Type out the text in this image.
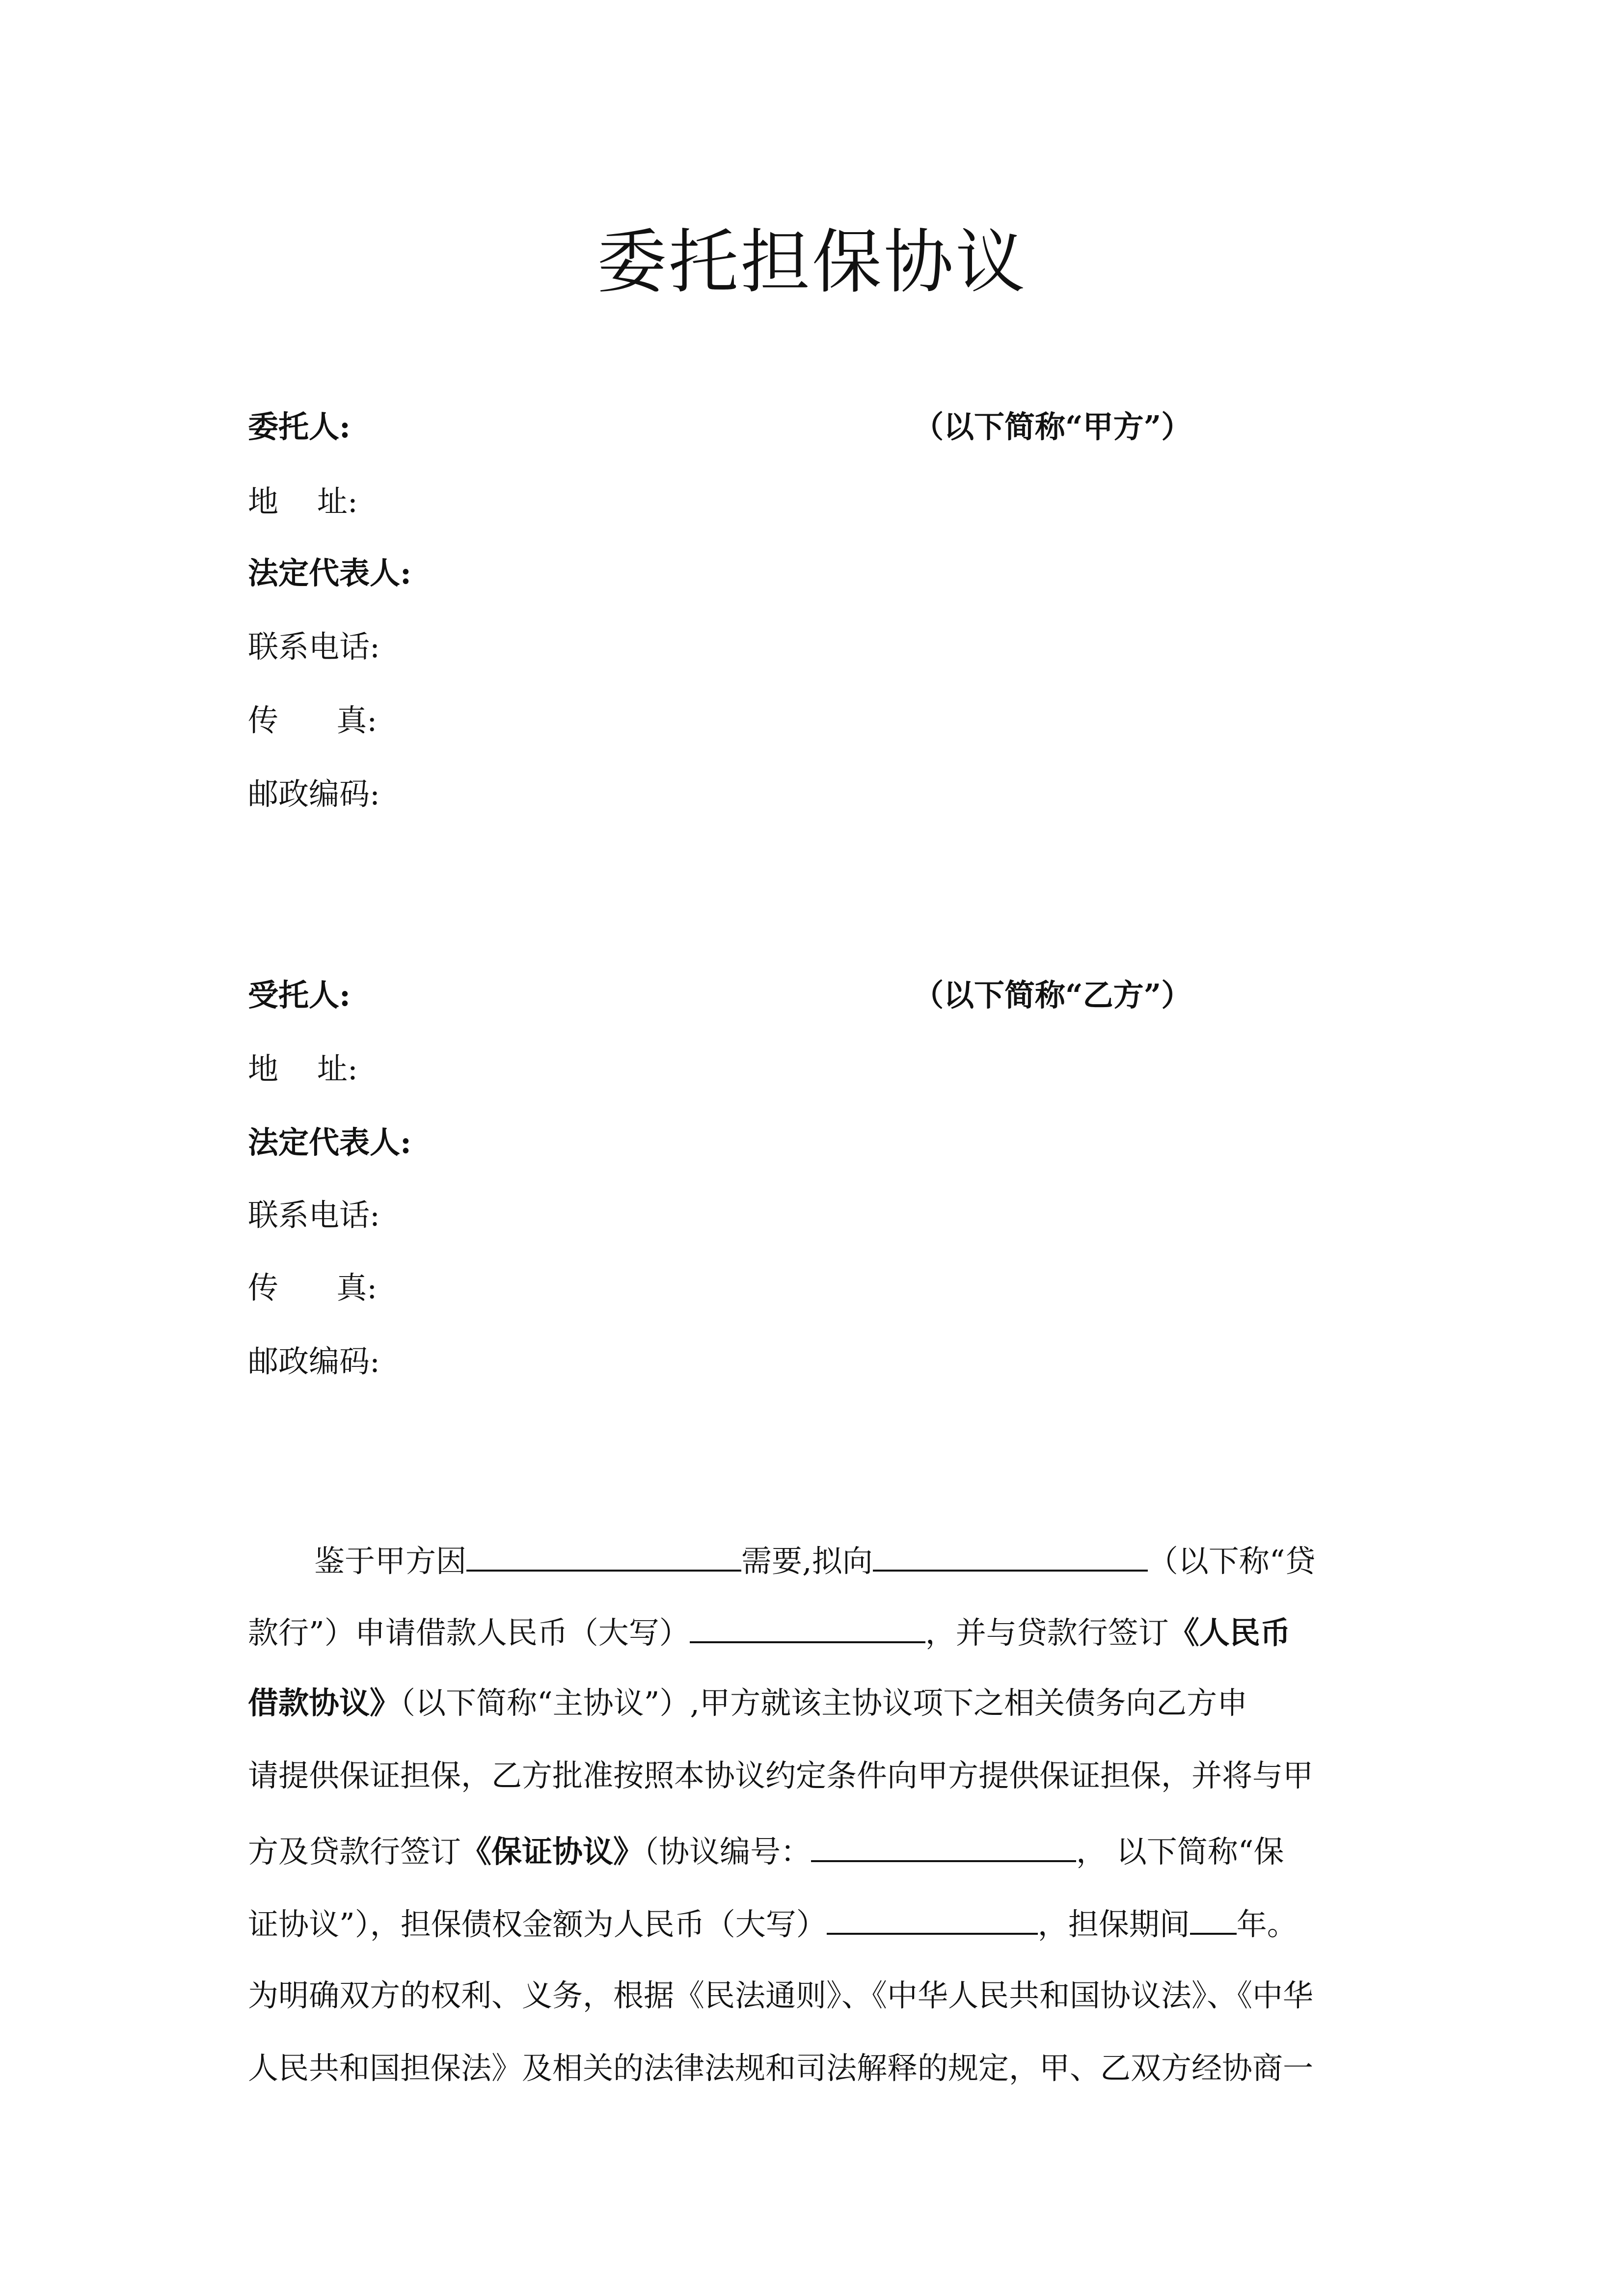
委托担保协议
委托人:	（以下简称“甲方”）
地    址:
法定代表人:
联系电话:
传      真:
邮政编码:
受托人:	（以下简称“乙方”）
地    址:
法定代表人:
联系电话:
传      真:
邮政编码:
鉴于甲方因	需要,拟向	（以下称“贷
款行”）申请借款人民币（大写）	，并与贷款行签订《人民币
借款协议》（以下简称“主协议”）,甲方就该主协议项下之相关债务向乙方申
请提供保证担保，乙方批准按照本协议约定条件向甲方提供保证担保，并将与甲
方及贷款行签订《保证协议》（协议编号：	， 以下简称“保
证协议”），担保债权金额为人民币（大写）	，担保期间 年。
为明确双方的权利、义务，根据《民法通则》、《中华人民共和国协议法》、《中华
人民共和国担保法》及相关的法律法规和司法解释的规定，甲、乙双方经协商一
